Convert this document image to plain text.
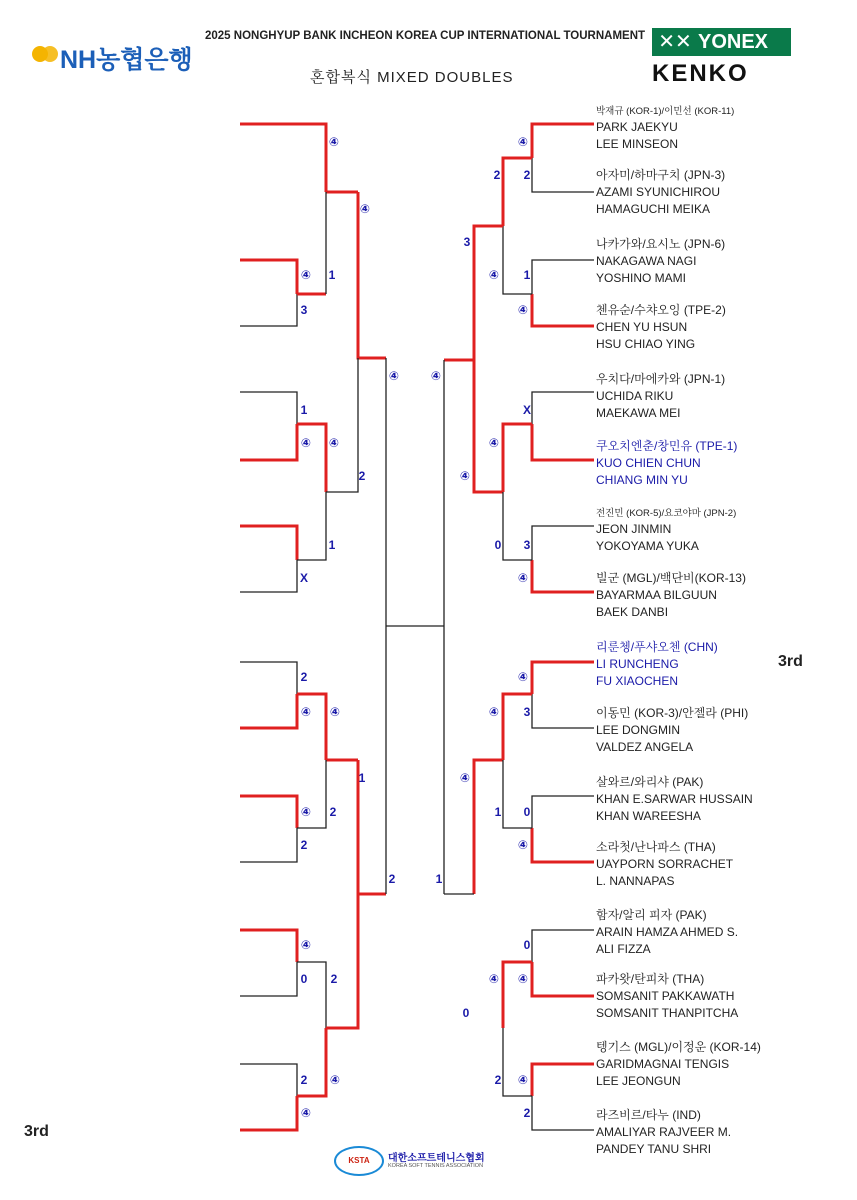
2025 NONGHYUP BANK INCHEON KOREA CUP INTERNATIONAL TOURNAMENT
혼합복식 MIXED DOUBLES
NH농협은행
✕✕ YONEX
KENKO
3rd
3rd
KSTA	대한소프트테니스협회
KOREA SOFT TENNIS ASSOCIATION
박재규 (KOR-1)/이민선 (KOR-11)
PARK JAEKYU
LEE MINSEON
아자미/하마구치 (JPN-3)
AZAMI SYUNICHIROU
HAMAGUCHI MEIKA
나카가와/요시노 (JPN-6)
NAKAGAWA NAGI
YOSHINO MAMI
첸유순/수챠오잉 (TPE-2)
CHEN YU HSUN
HSU CHIAO YING
우치다/마에카와 (JPN-1)
UCHIDA RIKU
MAEKAWA MEI
쿠오치엔춘/창민유 (TPE-1)
KUO CHIEN CHUN
CHIANG MIN YU
전진민 (KOR-5)/요코야마 (JPN-2)
JEON JINMIN
YOKOYAMA YUKA
빌군 (MGL)/백단비(KOR-13)
BAYARMAA BILGUUN
BAEK DANBI
리룬쳉/푸샤오첸 (CHN)
LI RUNCHENG
FU XIAOCHEN
이동민 (KOR-3)/안젤라 (PHI)
LEE DONGMIN
VALDEZ ANGELA
살와르/와리샤 (PAK)
KHAN E.SARWAR HUSSAIN
KHAN WAREESHA
소라첫/난나파스 (THA)
UAYPORN SORRACHET
L. NANNAPAS
함자/알리 피자 (PAK)
ARAIN HAMZA AHMED S.
ALI FIZZA
파카왓/탄피차 (THA)
SOMSANIT PAKKAWATH
SOMSANIT THANPITCHA
텡기스 (MGL)/이정운 (KOR-14)
GARIDMAGNAI TENGIS
LEE JEONGUN
라즈비르/타누 (IND)
AMALIYAR RAJVEER M.
PANDEY TANU SHRI
④
④
④ 1
3
1
④ ④
④
2
1
X
2
④ ④
1
④ 2
2
2
④
0 2
2 ④
④
④
2 2
3
④ 1
④
④
X
④
④
0 3
④
④
④ 3
④
1 0
④
1
0
④ ④
0
2 ④
2
